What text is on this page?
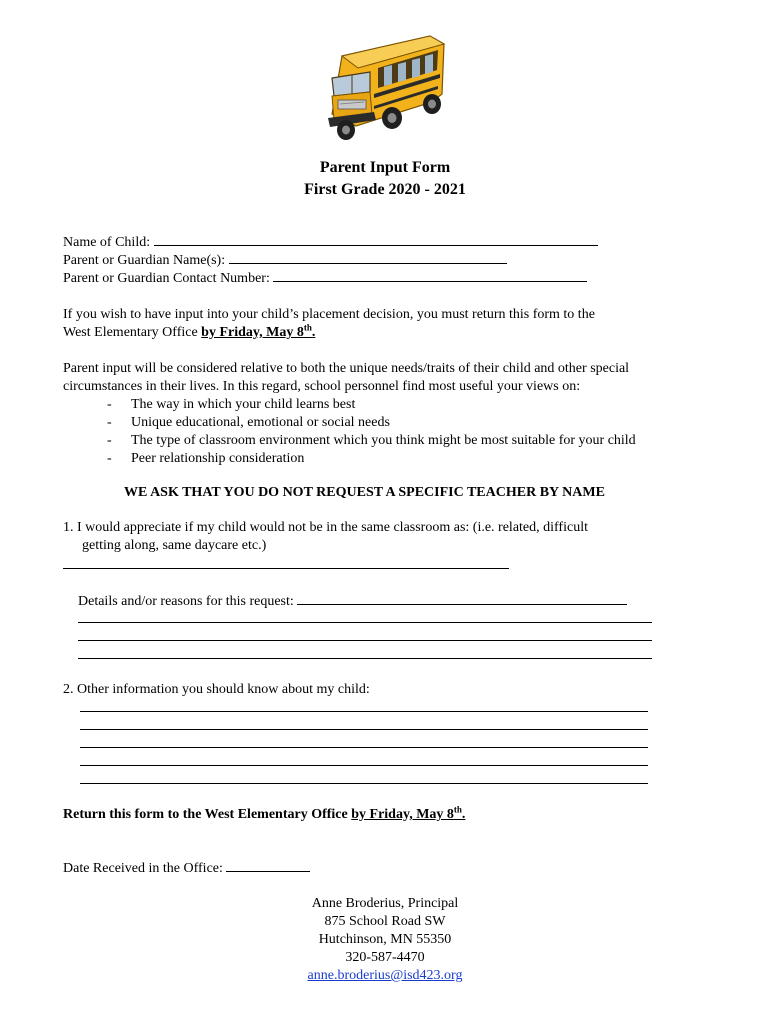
Parent Input Form
First Grade 2020 - 2021
Name of Child:
Parent or Guardian Name(s):
Parent or Guardian Contact Number:
If you wish to have input into your child’s placement decision, you must return this form to the
West Elementary Office by Friday, May 8th.
Parent input will be considered relative to both the unique needs/traits of their child and other special
circumstances in their lives. In this regard, school personnel find most useful your views on:
- The way in which your child learns best
- Unique educational, emotional or social needs
- The type of classroom environment which you think might be most suitable for your child
- Peer relationship consideration
WE ASK THAT YOU DO NOT REQUEST A SPECIFIC TEACHER BY NAME
1. I would appreciate if my child would not be in the same classroom as: (i.e. related, difficult
getting along, same daycare etc.)
Details and/or reasons for this request:
2. Other information you should know about my child:
Return this form to the West Elementary Office by Friday, May 8th.
Date Received in the Office:
Anne Broderius, Principal
875 School Road SW
Hutchinson, MN 55350
320-587-4470
anne.broderius@isd423.org
